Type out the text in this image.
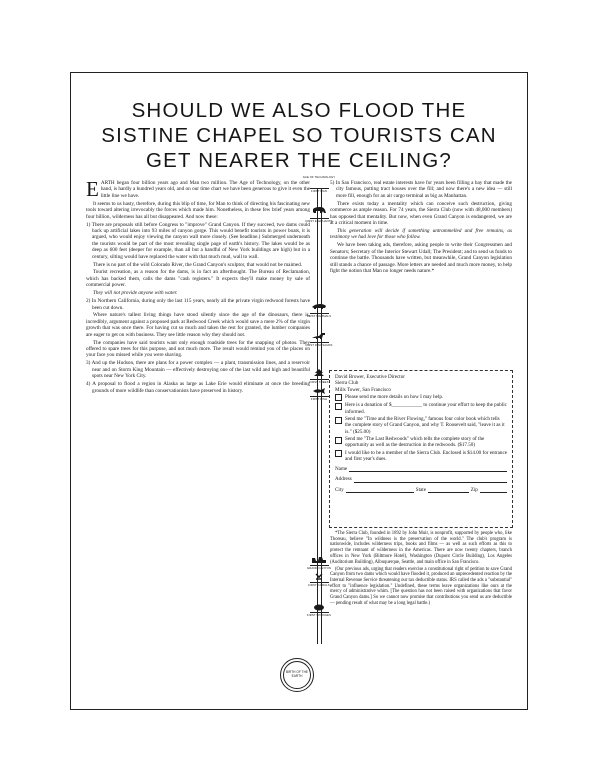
SHOULD WE ALSO FLOOD THE
SISTINE CHAPEL SO TOURISTS CAN
GET NEARER THE CEILING?

EARTH began four billion years ago and Man two million. The Age of Technology, on the other hand, is hardly a hundred years old, and on our time chart we have been generous to give it even the little line we have.

It seems to us hasty, therefore, during this blip of time, for Man to think of directing his fascinating new tools toward altering irrevocably the forces which made him. Nonetheless, in these few brief years among four billion, wilderness has all but disappeared. And now these:

1) There are proposals still before Congress to "improve" Grand Canyon. If they succeed, two dams could back up artificial lakes into 93 miles of canyon gorge. This would benefit tourists in power boats, it is argued, who would enjoy viewing the canyon wall more closely. (See headline.) Submerged underneath the tourists would be part of the most revealing single page of earth's history. The lakes would be as deep as 600 feet (deeper for example, than all but a handful of New York buildings are high) but in a century, silting would have replaced the water with that much mud, wall to wall.

There is no part of the wild Colorado River, the Grand Canyon's sculptor, that would not be maimed.

Tourist recreation, as a reason for the dams, is in fact an afterthought. The Bureau of Reclamation, which has backed them, calls the dams "cash registers." It expects they'll make money by sale of commercial power.

They will not provide anyone with water.

2) In Northern California, during only the last 115 years, nearly all the private virgin redwood forests have been cut down.

Where nature's tallest living things have stood silently since the age of the dinosaurs, there is, incredibly, argument against a proposed park at Redwood Creek which would save a mere 2% of the virgin growth that was once there. For having cut so much and taken the rest for granted, the lumber companies are eager to get on with business. They see little reason why they should not.

The companies have said tourists want only enough roadside trees for the snapping of photos. They offered to spare trees for this purpose, and not much more. The result would remind you of the places on your face you missed while you were shaving.

3) And up the Hudson, there are plans for a power complex — a plant, transmission lines, and a reservoir near and on Storm King Mountain — effectively destroying one of the last wild and high and beautiful spots near New York City.

4) A proposal to flood a region in Alaska as large as Lake Erie would eliminate at once the breeding grounds of more wildlife than conservationists have preserved in history.

AGE OF TECHNOLOGY
FIRST MAN
FIRST ELEPHANTS
FIRST MAMMALS
FIRST DINOSAURS
FIRST TREES
FIRST FISH
GRAND CANYON
FIRST CORALS
FIRST SPONGES
BIRTH OF THE EARTH

5) In San Francisco, real estate interests have for years been filling a bay that made the city famous, putting tract houses over the fill; and now there's a new idea — still more fill, enough for an air cargo terminal as big as Manhattan.

There exists today a mentality which can conceive such destruction, giving commerce as ample reason. For 74 years, the Sierra Club (now with 48,000 members) has opposed that mentality. But now, when even Grand Canyon is endangered, we are at a critical moment in time.

This generation will decide if something untrammelled and free remains, as testimony we had love for those who follow.

We have been taking ads, therefore, asking people to write their Congressmen and Senators; Secretary of the Interior Stewart Udall; The President; and to send us funds to continue the battle. Thousands have written, but meanwhile, Grand Canyon legislation still stands a chance of passage. More letters are needed and much more money, to help fight the notion that Man no longer needs nature.*

David Brower, Executive Director
Sierra Club
Mills Tower, San Francisco
Please send me more details on how I may help.
Here is a donation of $____________ to continue your effort to keep the public informed.
Send me "Time and the River Flowing," famous four color book which tells the complete story of Grand Canyon, and why T. Roosevelt said, "leave it as it is." ($25.00)
Send me "The Last Redwoods" which tells the complete story of the opportunity as well as the destruction in the redwoods. ($17.50)
I would like to be a member of the Sierra Club. Enclosed is $14.00 for entrance and first year's dues.
Name
Address
City	State	Zip

*The Sierra Club, founded in 1892 by John Muir, is nonprofit, supported by people who, like Thoreau, believe "In wildness is the preservation of the world." The club's program is nationwide, includes wilderness trips, books and films — as well as such efforts as this to protect the remnant of wilderness in the Americas. There are now twenty chapters, branch offices in New York (Biltmore Hotel), Washington (Dupont Circle Building), Los Angeles (Auditorium Building), Albuquerque, Seattle, and main office in San Francisco.

(Our previous ads, urging that readers exercise a constitutional right of petition to save Grand Canyon from two dams which would have flooded it, produced an unprecedented reaction by the Internal Revenue Service threatening our tax deductible status. IRS called the ads a "substantial" effort to "influence legislation." Undefined, these terms leave organizations like ours at the mercy of administrative whim. [The question has not been raised with organizations that favor Grand Canyon dams.] So we cannot now promise that contributions you send us are deductible — pending result of what may be a long legal battle.)
